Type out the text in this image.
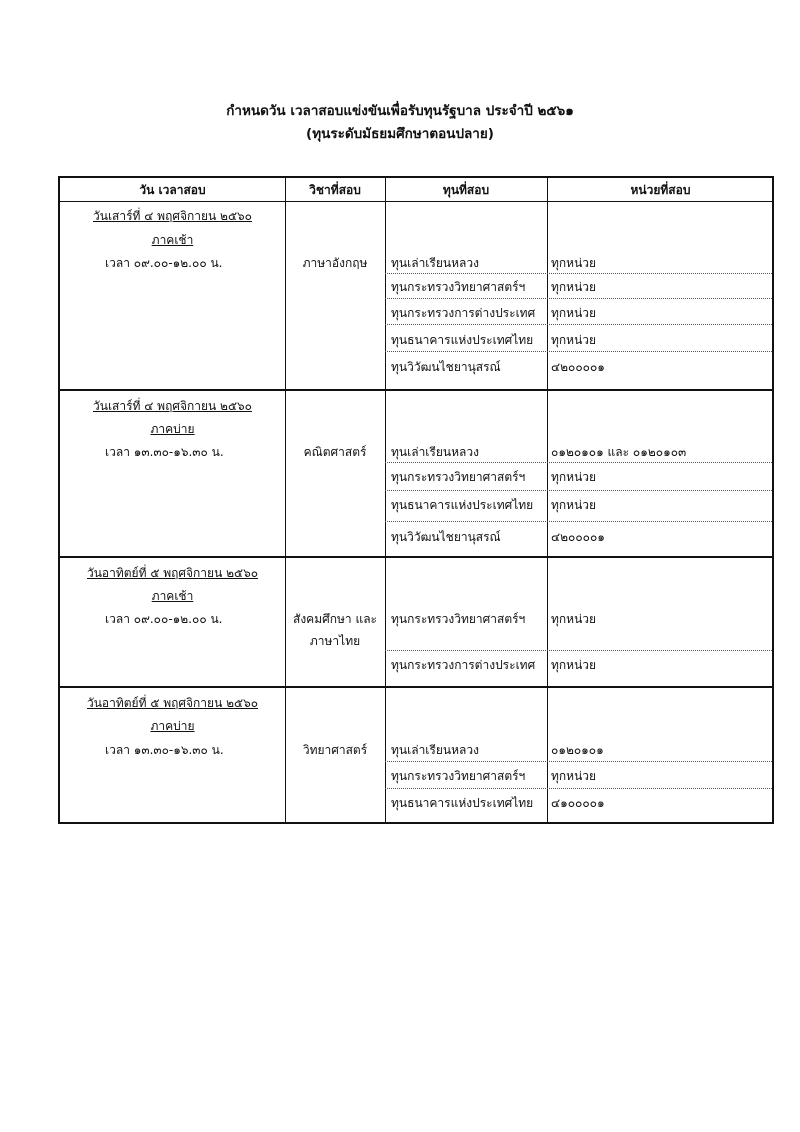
กำหนดวัน เวลาสอบแข่งขันเพื่อรับทุนรัฐบาล ประจำปี ๒๕๖๑
(ทุนระดับมัธยมศึกษาตอนปลาย)
วัน เวลาสอบ	วิชาที่สอบ	ทุนที่สอบ	หน่วยที่สอบ
วันเสาร์ที่ ๔ พฤศจิกายน ๒๕๖๐
ภาคเช้า
เวลา ๐๙.๐๐-๑๒.๐๐ น.	ภาษาอังกฤษ	ทุนเล่าเรียนหลวง	ทุกหน่วย
ทุนกระทรวงวิทยาศาสตร์ฯ ทุกหน่วย
ทุนกระทรวงการต่างประเทศ ทุกหน่วย
ทุนธนาคารแห่งประเทศไทย ทุกหน่วย
ทุนวิวัฒนไชยานุสรณ์	๔๒๐๐๐๐๑
วันเสาร์ที่ ๔ พฤศจิกายน ๒๕๖๐
ภาคบ่าย
เวลา ๑๓.๓๐-๑๖.๓๐ น.	คณิตศาสตร์	ทุนเล่าเรียนหลวง	๐๑๒๐๑๐๑ และ ๐๑๒๐๑๐๓
ทุนกระทรวงวิทยาศาสตร์ฯ ทุกหน่วย
ทุนธนาคารแห่งประเทศไทย ทุกหน่วย
ทุนวิวัฒนไชยานุสรณ์	๔๒๐๐๐๐๑
วันอาทิตย์ที่ ๕ พฤศจิกายน ๒๕๖๐
ภาคเช้า
เวลา ๐๙.๐๐-๑๒.๐๐ น.	สังคมศึกษา และ
ภาษาไทย
ทุนกระทรวงวิทยาศาสตร์ฯ ทุกหน่วย
ทุนกระทรวงการต่างประเทศ ทุกหน่วย
วันอาทิตย์ที่ ๕ พฤศจิกายน ๒๕๖๐
ภาคบ่าย
เวลา ๑๓.๓๐-๑๖.๓๐ น.	วิทยาศาสตร์	ทุนเล่าเรียนหลวง	๐๑๒๐๑๐๑
ทุนกระทรวงวิทยาศาสตร์ฯ ทุกหน่วย
ทุนธนาคารแห่งประเทศไทย ๔๑๐๐๐๐๑
